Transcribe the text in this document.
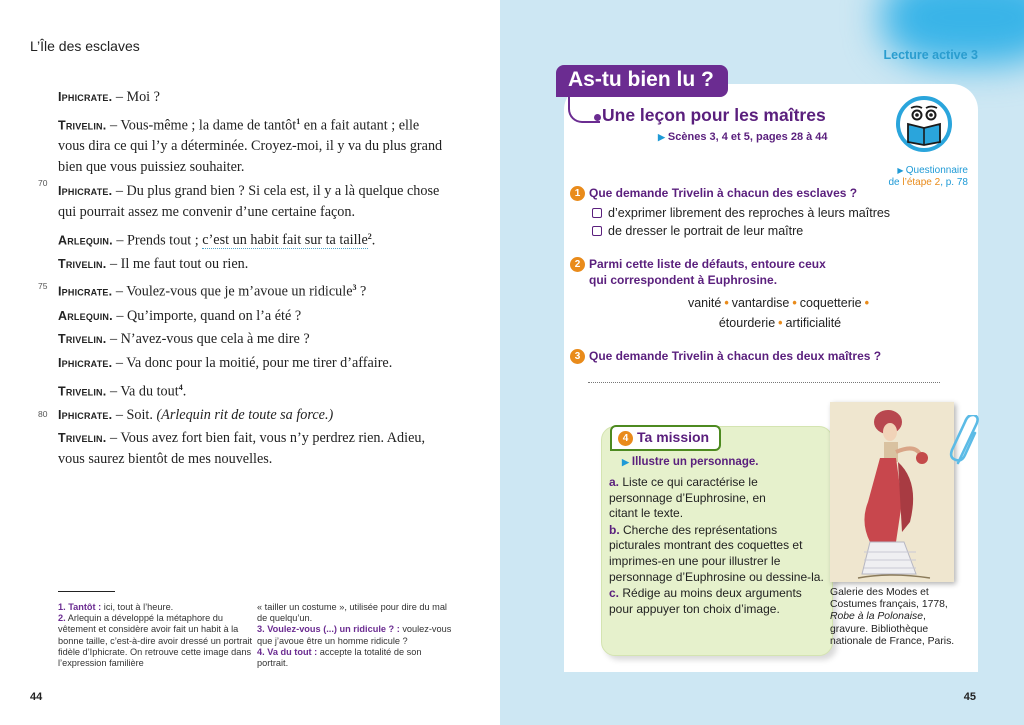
L’Île des esclaves
Iphicrate. – Moi ?
Trivelin. – Vous-même ; la dame de tantôt$^1$ en a fait autant ; elle vous dira ce qui l’y a déterminée. Croyez-moi, il y va du plus grand bien que vous puissiez souhaiter.
70
Iphicrate. – Du plus grand bien ? Si cela est, il y a là quelque chose qui pourrait assez me convenir d’une certaine façon.
Arlequin. – Prends tout ; c’est un habit fait sur ta taille$^2$.
Trivelin. – Il me faut tout ou rien.
75 Iphicrate. – Voulez-vous que je m’avoue un ridicule$^3$ ?
Arlequin. – Qu’importe, quand on l’a été ?
Trivelin. – N’avez-vous que cela à me dire ?
Iphicrate. – Va donc pour la moitié, pour me tirer d’affaire.
Trivelin. – Va du tout$^4$.
80 Iphicrate. – Soit. (Arlequin rit de toute sa force.)
Trivelin. – Vous avez fort bien fait, vous n’y perdrez rien. Adieu, vous saurez bientôt de mes nouvelles.
1. Tantôt : ici, tout à l’heure.
2. Arlequin a développé la métaphore du vêtement et considère avoir fait un habit à la bonne taille, c’est-à-dire avoir dressé un portrait fidèle d’Iphicrate. On retrouve cette image dans l’expression familière
« tailler un costume », utilisée pour dire du mal de quelqu’un.
3. Voulez-vous (...) un ridicule ? : voulez-vous que j’avoue être un homme ridicule ?
4. Va du tout : accepte la totalité de son portrait.
44
Lecture active 3
As-tu bien lu ?
Une leçon pour les maîtres
▶ Scènes 3, 4 et 5, pages 28 à 44
▶ Questionnaire
de l’étape 2, p. 78
1 Que demande Trivelin à chacun des esclaves ?
d’exprimer librement des reproches à leurs maîtres
de dresser le portrait de leur maître
2 Parmi cette liste de défauts, entoure ceux
qui correspondent à Euphrosine.
vanité • vantardise • coquetterie •
étourderie • artificialité
3 Que demande Trivelin à chacun des deux maîtres ?
4 Ta mission
▶ Illustre un personnage.

a. Liste ce qui caractérise le personnage d’Euphrosine, en citant le texte.

b. Cherche des représentations picturales montrant des coquettes et imprimes-en une pour illustrer le personnage d’Euphrosine ou dessine-la.

c. Rédige au moins deux arguments pour appuyer ton choix d’image.

Galerie des Modes et Costumes français, 1778, Robe à la Polonaise, gravure. Bibliothèque nationale de France, Paris.
45
